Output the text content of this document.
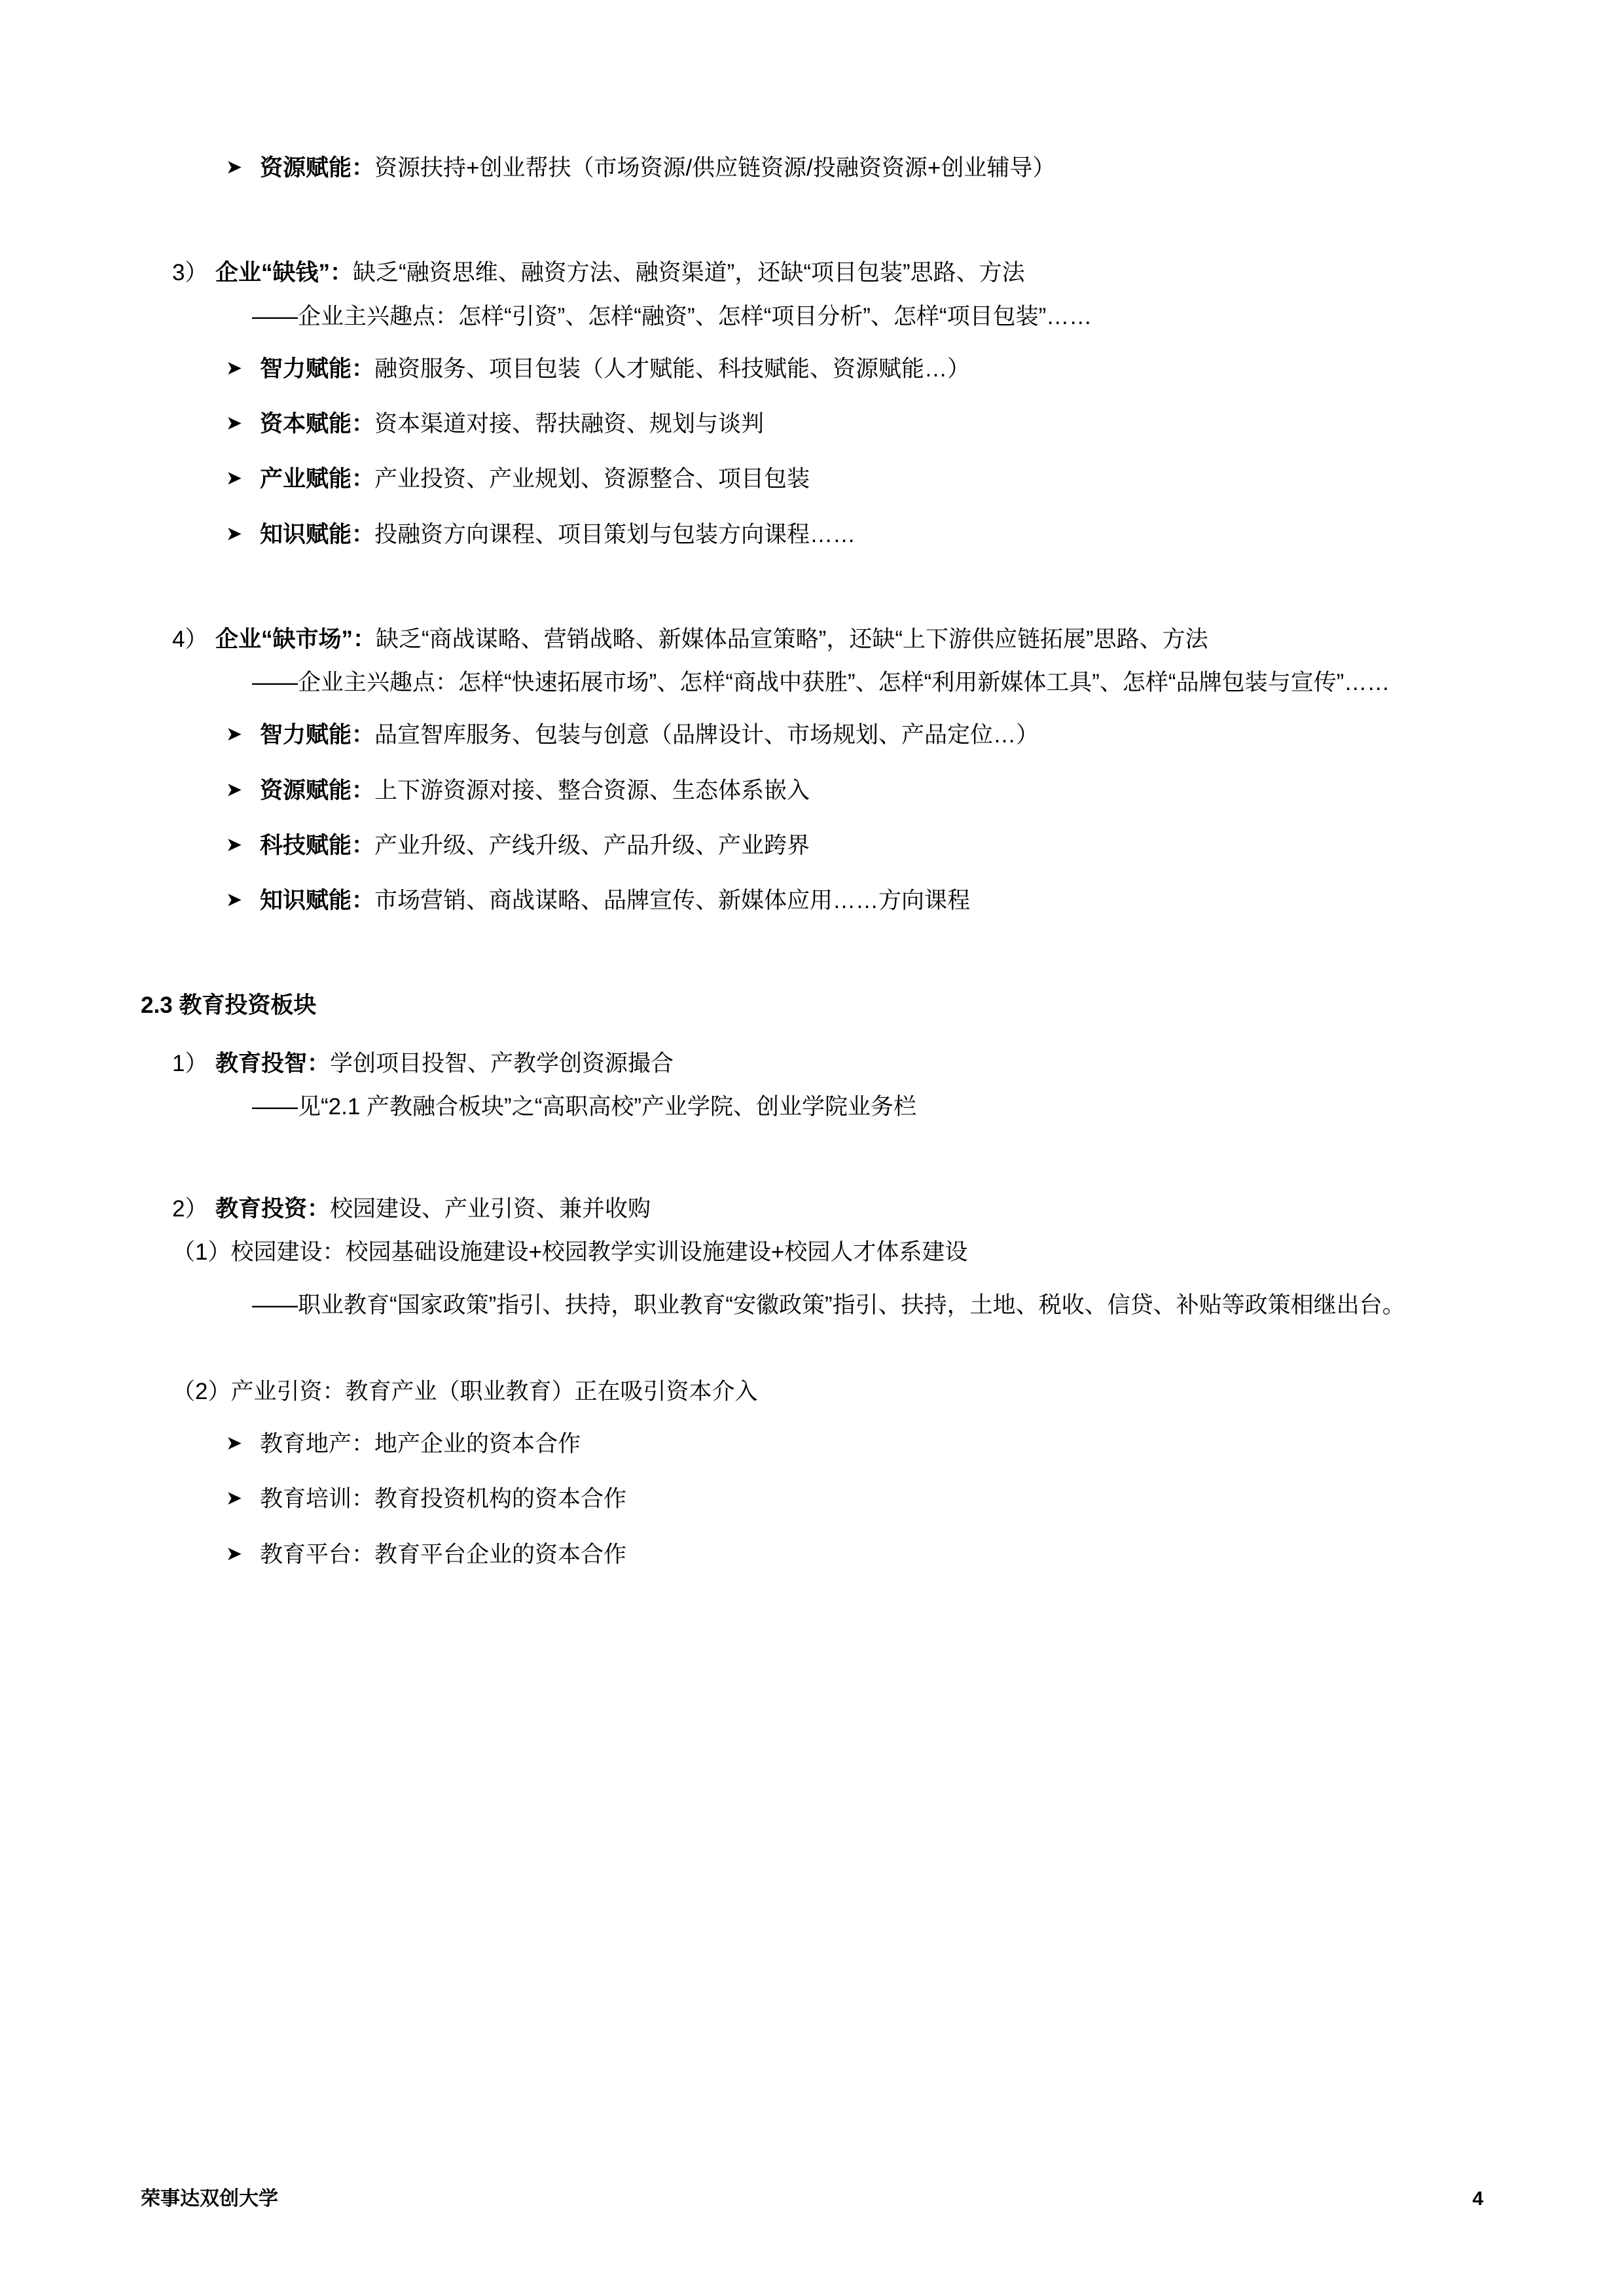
➤ 资源赋能：资源扶持+创业帮扶（市场资源/供应链资源/投融资资源+创业辅导）
3） 企业“缺钱”：缺乏“融资思维、融资方法、融资渠道”，还缺“项目包装”思路、方法
——企业主兴趣点：怎样“引资”、怎样“融资”、怎样“项目分析”、怎样“项目包装”……
➤ 智力赋能：融资服务、项目包装（人才赋能、科技赋能、资源赋能…）
➤ 资本赋能：资本渠道对接、帮扶融资、规划与谈判
➤ 产业赋能：产业投资、产业规划、资源整合、项目包装
➤ 知识赋能：投融资方向课程、项目策划与包装方向课程……
4） 企业“缺市场”：缺乏“商战谋略、营销战略、新媒体品宣策略”，还缺“上下游供应链拓展”思路、方法
——企业主兴趣点：怎样“快速拓展市场”、怎样“商战中获胜”、怎样“利用新媒体工具”、怎样“品牌包装与宣传”……
➤ 智力赋能：品宣智库服务、包装与创意（品牌设计、市场规划、产品定位…）
➤ 资源赋能：上下游资源对接、整合资源、生态体系嵌入
➤ 科技赋能：产业升级、产线升级、产品升级、产业跨界
➤ 知识赋能：市场营销、商战谋略、品牌宣传、新媒体应用……方向课程
2.3 教育投资板块
1） 教育投智：学创项目投智、产教学创资源撮合
——见“2.1 产教融合板块”之“高职高校”产业学院、创业学院业务栏
2） 教育投资：校园建设、产业引资、兼并收购
（1）校园建设：校园基础设施建设+校园教学实训设施建设+校园人才体系建设
——职业教育“国家政策”指引、扶持，职业教育“安徽政策”指引、扶持，土地、税收、信贷、补贴等政策相继出台。
（2）产业引资：教育产业（职业教育）正在吸引资本介入
➤ 教育地产：地产企业的资本合作
➤ 教育培训：教育投资机构的资本合作
➤ 教育平台：教育平台企业的资本合作
荣事达双创大学	4
